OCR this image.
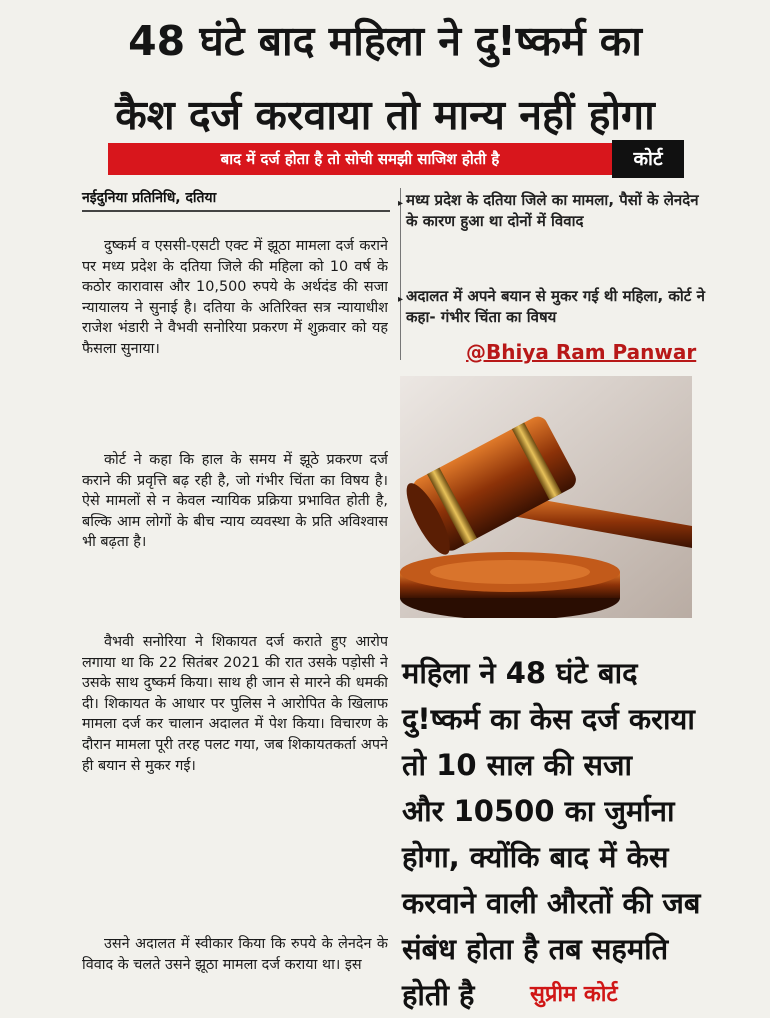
48 घंटे बाद महिला ने दु!ष्कर्म का
कैश दर्ज करवाया तो मान्य नहीं होगा
बाद में दर्ज होता है तो सोची समझी साजिश होती है	कोर्ट
नईदुनिया प्रतिनिधि, दतिया

दुष्कर्म व एससी-एसटी एक्ट में झूठा मामला दर्ज कराने पर मध्य प्रदेश के दतिया जिले की महिला को 10 वर्ष के कठोर कारावास और 10,500 रुपये के अर्थदंड की सजा न्यायालय ने सुनाई है। दतिया के अतिरिक्त सत्र न्यायाधीश राजेश भंडारी ने वैभवी सनोरिया प्रकरण में शुक्रवार को यह फैसला सुनाया।

कोर्ट ने कहा कि हाल के समय में झूठे प्रकरण दर्ज कराने की प्रवृत्ति बढ़ रही है, जो गंभीर चिंता का विषय है। ऐसे मामलों से न केवल न्यायिक प्रक्रिया प्रभावित होती है, बल्कि आम लोगों के बीच न्याय व्यवस्था के प्रति अविश्वास भी बढ़ता है।

वैभवी सनोरिया ने शिकायत दर्ज कराते हुए आरोप लगाया था कि 22 सितंबर 2021 की रात उसके पड़ोसी ने उसके साथ दुष्कर्म किया। साथ ही जान से मारने की धमकी दी। शिकायत के आधार पर पुलिस ने आरोपित के खिलाफ मामला दर्ज कर चालान अदालत में पेश किया। विचारण के दौरान मामला पूरी तरह पलट गया, जब शिकायतकर्ता अपने ही बयान से मुकर गई।

उसने अदालत में स्वीकार किया कि रुपये के लेनदेन के विवाद के चलते उसने झूठा मामला दर्ज कराया था। इस

▸ मध्य प्रदेश के दतिया जिले का मामला, पैसों के लेनदेन के कारण हुआ था दोनों में विवाद
▸ अदालत में अपने बयान से मुकर गई थी महिला, कोर्ट ने कहा- गंभीर चिंता का विषय
@Bhiya Ram Panwar
महिला ने 48 घंटे बाद
दु!ष्कर्म का केस दर्ज कराया
तो 10 साल की सजा
और 10500 का जुर्माना
होगा, क्योंकि बाद में केस
करवाने वाली औरतों की जब
संबंध होता है तब सहमति
होती है	सुप्रीम कोर्ट
